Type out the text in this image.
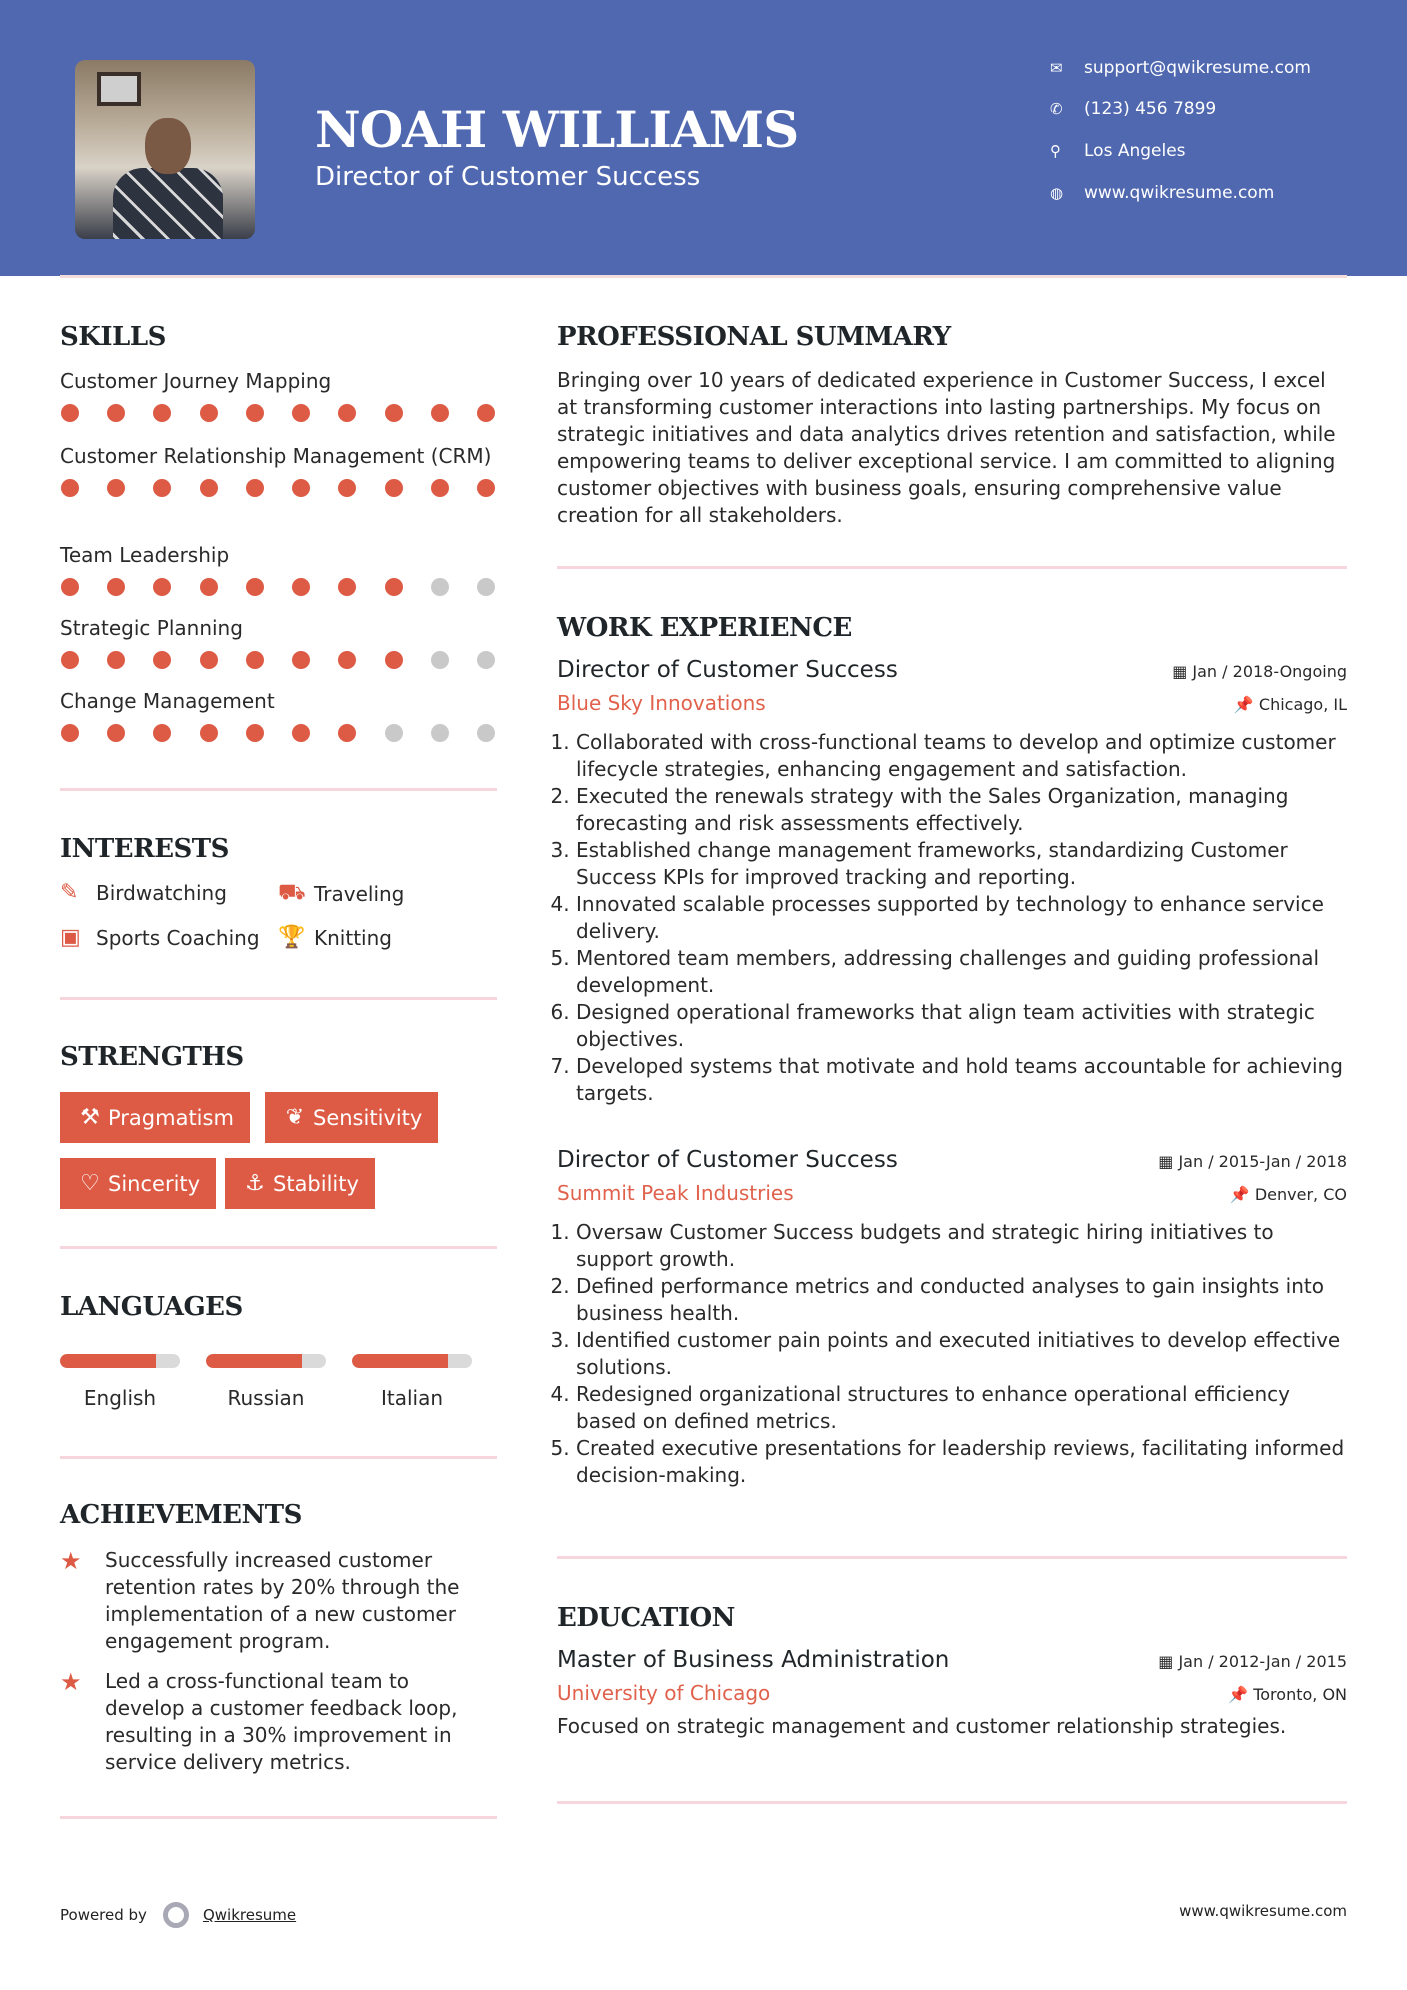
NOAH WILLIAMS
Director of Customer Success
✉	support@qwikresume.com
✆	(123) 456 7899
⚲	Los Angeles
◍	www.qwikresume.com
SKILLS
Customer Journey Mapping
Customer Relationship Management (CRM)
Team Leadership
Strategic Planning
Change Management
INTERESTS
✎ Birdwatching ⛟ Traveling
▣ Sports Coaching 🏆 Knitting
STRENGTHS
⚒ Pragmatism	❦ Sensitivity
♡ Sincerity	⚓ Stability
LANGUAGES
English	Russian	Italian
ACHIEVEMENTS
★	Successfully increased customer retention rates by 20% through the implementation of a new customer engagement program.
★	Led a cross-functional team to develop a customer feedback loop, resulting in a 30% improvement in service delivery metrics.
PROFESSIONAL SUMMARY
Bringing over 10 years of dedicated experience in Customer Success, I excel at transforming customer interactions into lasting partnerships. My focus on strategic initiatives and data analytics drives retention and satisfaction, while empowering teams to deliver exceptional service. I am committed to aligning customer objectives with business goals, ensuring comprehensive value creation for all stakeholders.
WORK EXPERIENCE
Director of Customer Success	▦ Jan / 2018-Ongoing
Blue Sky Innovations	📌 Chicago, IL
1. Collaborated with cross-functional teams to develop and optimize customer lifecycle strategies, enhancing engagement and satisfaction.
2. Executed the renewals strategy with the Sales Organization, managing forecasting and risk assessments effectively.
3. Established change management frameworks, standardizing Customer Success KPIs for improved tracking and reporting.
4. Innovated scalable processes supported by technology to enhance service delivery.
5. Mentored team members, addressing challenges and guiding professional development.
6. Designed operational frameworks that align team activities with strategic objectives.
7. Developed systems that motivate and hold teams accountable for achieving targets.
Director of Customer Success	▦ Jan / 2015-Jan / 2018
Summit Peak Industries	📌 Denver, CO
1. Oversaw Customer Success budgets and strategic hiring initiatives to support growth.
2. Defined performance metrics and conducted analyses to gain insights into business health.
3. Identified customer pain points and executed initiatives to develop effective solutions.
4. Redesigned organizational structures to enhance operational efficiency based on defined metrics.
5. Created executive presentations for leadership reviews, facilitating informed decision-making.
EDUCATION
Master of Business Administration	▦ Jan / 2012-Jan / 2015
University of Chicago	📌 Toronto, ON
Focused on strategic management and customer relationship strategies.
Powered by	Qwikresume	www.qwikresume.com
